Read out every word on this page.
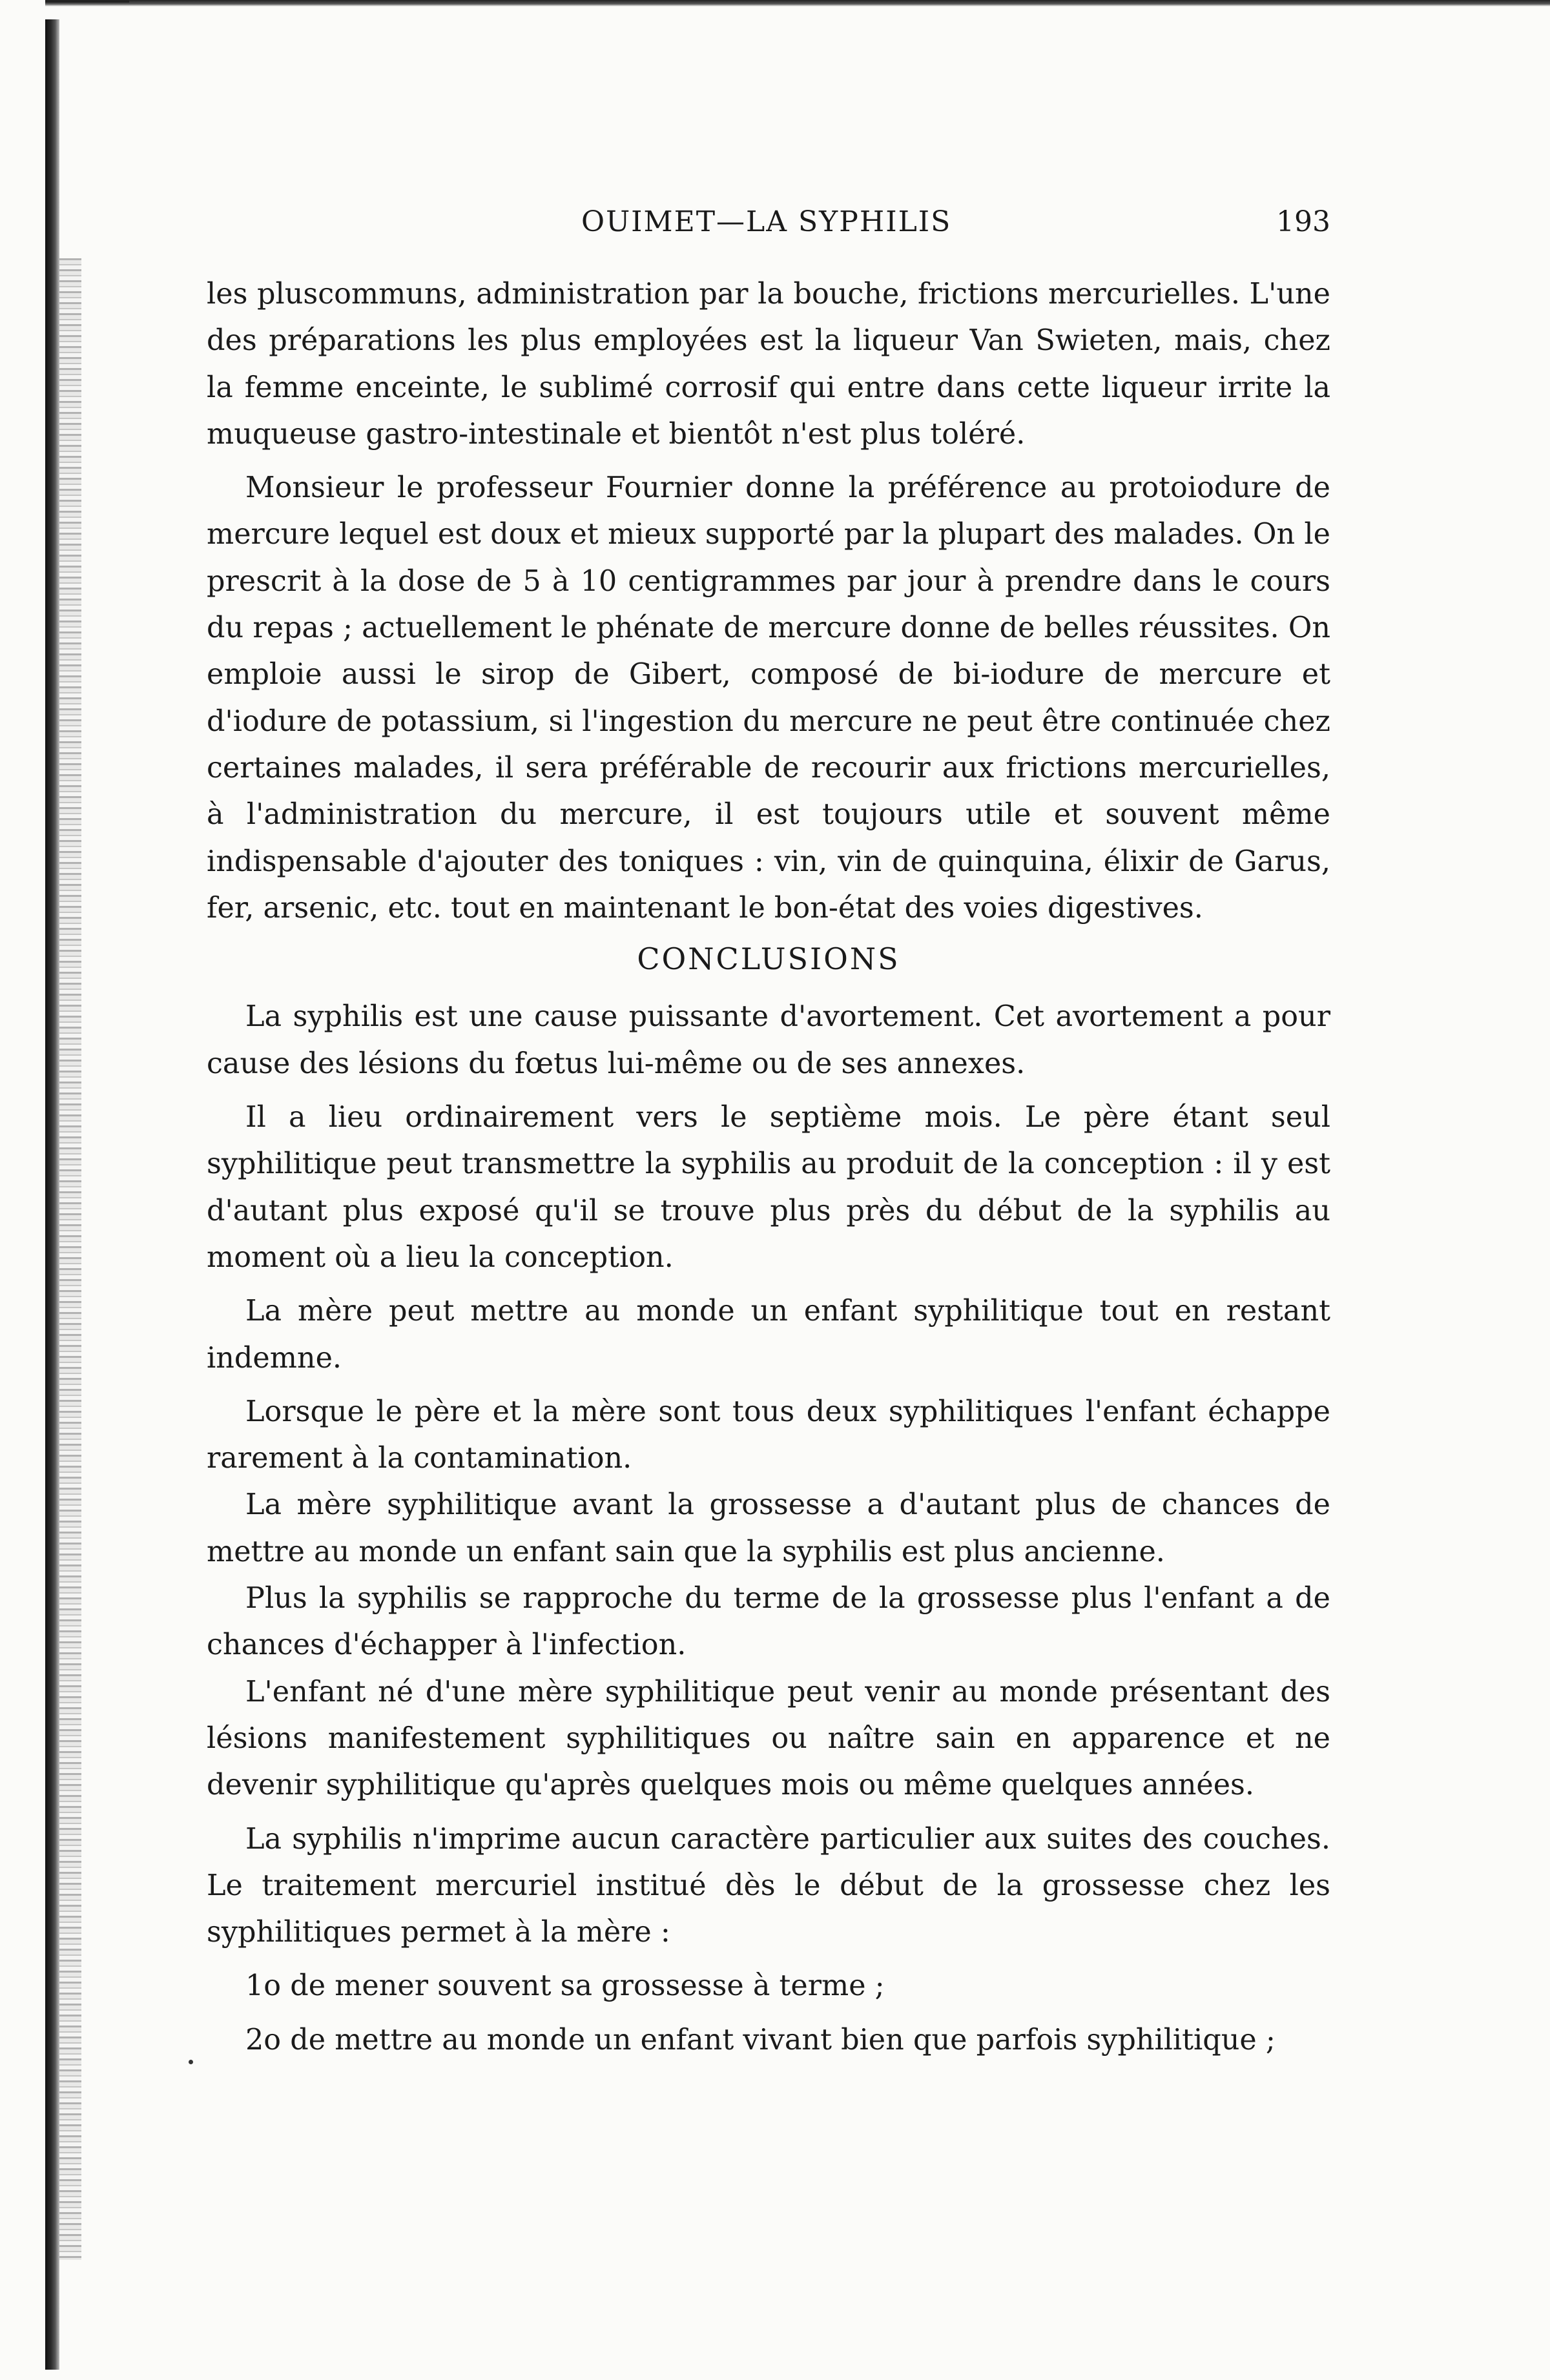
OUIMET—LA SYPHILIS	193

les pluscommuns, administration par la bouche, frictions mercurielles. L'une des préparations les plus employées est la liqueur Van Swieten, mais, chez la femme enceinte, le sublimé corrosif qui entre dans cette liqueur irrite la muqueuse gastro-intestinale et bientôt n'est plus toléré.

Monsieur le professeur Fournier donne la préférence au protoiodure de mercure lequel est doux et mieux supporté par la plupart des malades. On le prescrit à la dose de 5 à 10 centigrammes par jour à prendre dans le cours du repas ; actuellement le phénate de mercure donne de belles réussites. On emploie aussi le sirop de Gibert, composé de bi-iodure de mercure et d'iodure de potassium, si l'ingestion du mercure ne peut être continuée chez certaines malades, il sera préférable de recourir aux frictions mercurielles, à l'administration du mercure, il est toujours utile et souvent même indispensable d'ajouter des toniques : vin, vin de quinquina, élixir de Garus, fer, arsenic, etc. tout en maintenant le bon-état des voies digestives.

CONCLUSIONS

La syphilis est une cause puissante d'avortement. Cet avortement a pour cause des lésions du fœtus lui-même ou de ses annexes.

Il a lieu ordinairement vers le septième mois. Le père étant seul syphilitique peut transmettre la syphilis au produit de la conception : il y est d'autant plus exposé qu'il se trouve plus près du début de la syphilis au moment où a lieu la conception.

La mère peut mettre au monde un enfant syphilitique tout en restant indemne.

Lorsque le père et la mère sont tous deux syphilitiques l'enfant échappe rarement à la contamination.

La mère syphilitique avant la grossesse a d'autant plus de chances de mettre au monde un enfant sain que la syphilis est plus ancienne.

Plus la syphilis se rapproche du terme de la grossesse plus l'enfant a de chances d'échapper à l'infection.

L'enfant né d'une mère syphilitique peut venir au monde présentant des lésions manifestement syphilitiques ou naître sain en apparence et ne devenir syphilitique qu'après quelques mois ou même quelques années.

La syphilis n'imprime aucun caractère particulier aux suites des couches. Le traitement mercuriel institué dès le début de la grossesse chez les syphilitiques permet à la mère :

1o de mener souvent sa grossesse à terme ;

2o de mettre au monde un enfant vivant bien que parfois syphilitique ;
